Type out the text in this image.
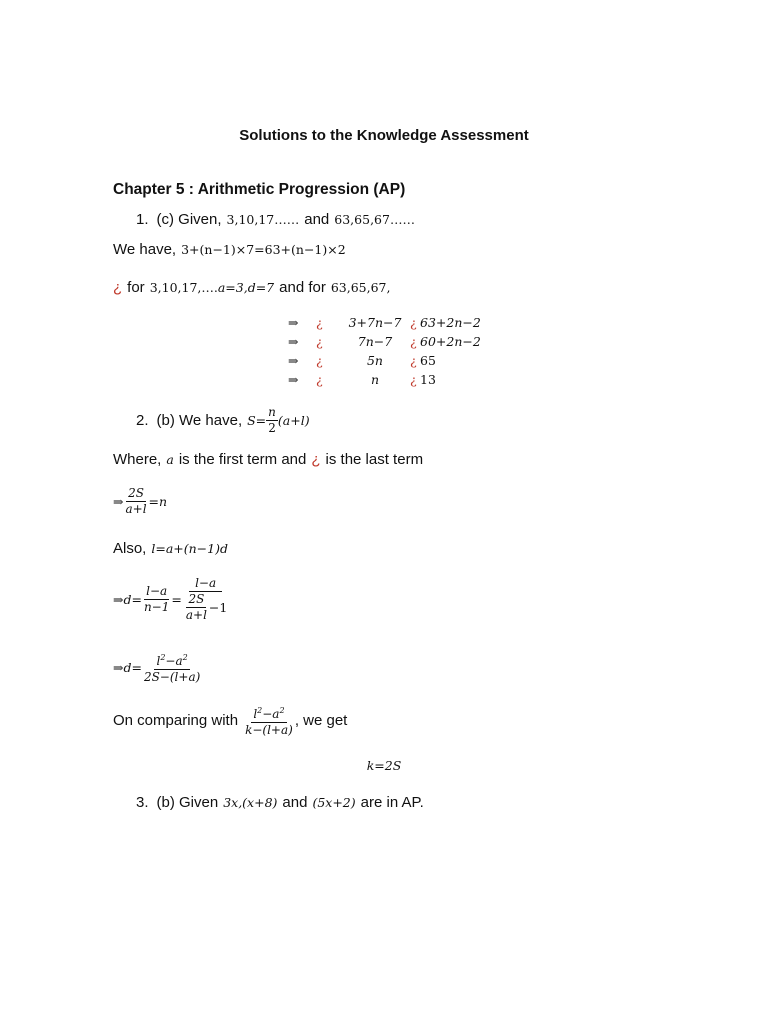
Solutions to the Knowledge Assessment
Chapter 5 : Arithmetic Progression (AP)
1. (c) Given, 3,10,17…… and 63,65,67……
We have, 3+(n−1)×7=63+(n−1)×2
¿ for 3,10,17,…. a=3,d=7 and for 63,65,67,
⇒	¿	3+7n−7 ¿ 63+2n−2
⇒	¿	7n−7	¿ 60+2n−2
⇒	¿	5n	¿ 65
⇒	¿	n	¿ 13
2. (b) We have, $S= \frac{n}{2} (a+l)$
Where, a is the first term and ¿ is the last term
⇒ $\frac{2S}{a+l} =n$
Also, l=a+(n−1)d
⇒d= $\frac{l-a}{n-1} = \frac{l-a}{\frac{2S}{a+l} -1}$
⇒d= $\frac{l^2-a^2}{2S-(l+a)}$
On comparing with $\frac{l^2-a^2}{k-(l+a)}$ , we get
k=2S
3. (b) Given 3x,(x+8) and (5x+2) are in AP.
